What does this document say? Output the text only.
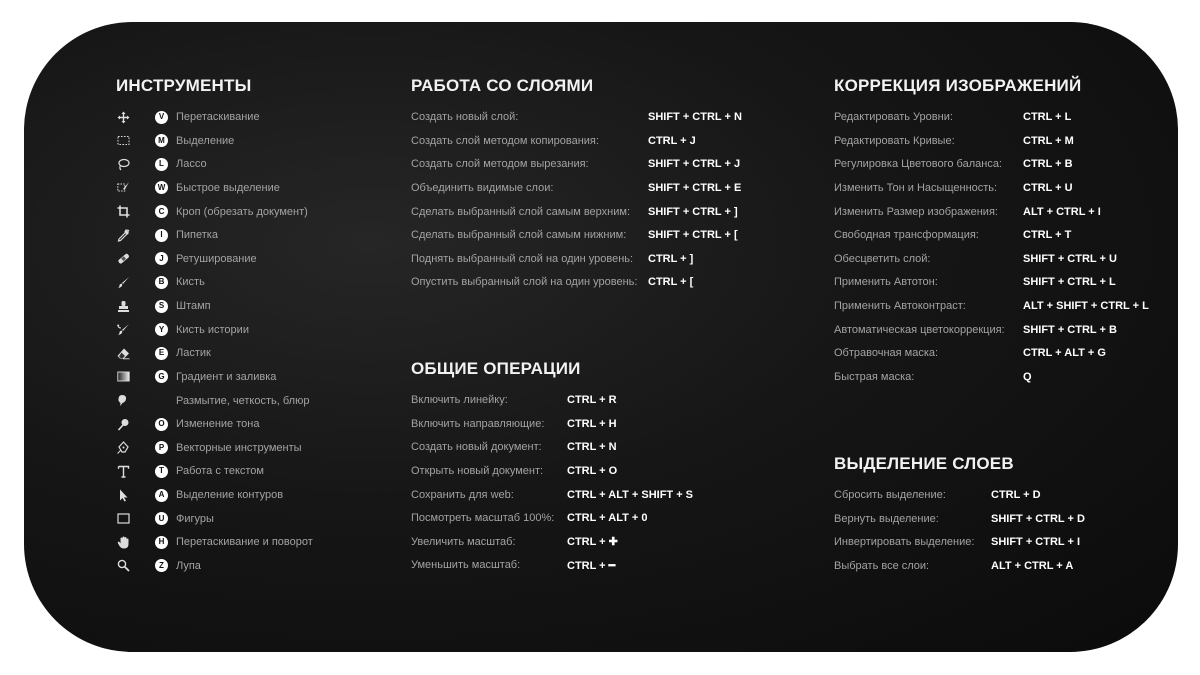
ИНСТРУМЕНТЫ
V	Перетаскивание
M Выделение
L	Лассо
W Быстрое выделение
C	Кроп (обрезать документ)
I	Пипетка
J	Ретуширование
B	Кисть
S	Штамп
Y	Кисть истории
E	Ластик
G	Градиент и заливка
Размытие, четкость, блюр
O	Изменение тона
P	Векторные инструменты
T	Работа с текстом
A	Выделение контуров
U	Фигуры
H	Перетаскивание и поворот
Z	Лупа
РАБОТА СО СЛОЯМИ
Создать новый слой:	SHIFT + CTRL + N
Создать слой методом копирования:	CTRL + J
Создать слой методом вырезания:	SHIFT + CTRL + J
Объединить видимые слои:	SHIFT + CTRL + E
Сделать выбранный слой самым верхним: SHIFT + CTRL + ]
Сделать выбранный слой самым нижним: SHIFT + CTRL + [
Поднять выбранный слой на один уровень: CTRL + ]
Опустить выбранный слой на один уровень: CTRL + [
ОБЩИЕ ОПЕРАЦИИ
Включить линейку:	CTRL + R
Включить направляющие: CTRL + H
Создать новый документ: CTRL + N
Открыть новый документ: CTRL + O
Сохранить для web:	CTRL + ALT + SHIFT + S
Посмотреть масштаб 100%: CTRL + ALT + 0
Увеличить масштаб:	CTRL + ✚
Уменьшить масштаб:	CTRL + ━
КОРРЕКЦИЯ ИЗОБРАЖЕНИЙ
Редактировать Уровни:	CTRL + L
Редактировать Кривые:	CTRL + M
Регулировка Цветового баланса: CTRL + B
Изменить Тон и Насыщенность: CTRL + U
Изменить Размер изображения: ALT + CTRL + I
Свободная трансформация:	CTRL + T
Обесцветить слой:	SHIFT + CTRL + U
Применить Автотон:	SHIFT + CTRL + L
Применить Автоконтраст:	ALT + SHIFT + CTRL + L
Автоматическая цветокоррекция: SHIFT + CTRL + B
Обтравочная маска:	CTRL + ALT + G
Быстрая маска:	Q
ВЫДЕЛЕНИЕ СЛОЕВ
Сбросить выделение:	CTRL + D
Вернуть выделение:	SHIFT + CTRL + D
Инвертировать выделение: SHIFT + CTRL + I
Выбрать все слои:	ALT + CTRL + A
